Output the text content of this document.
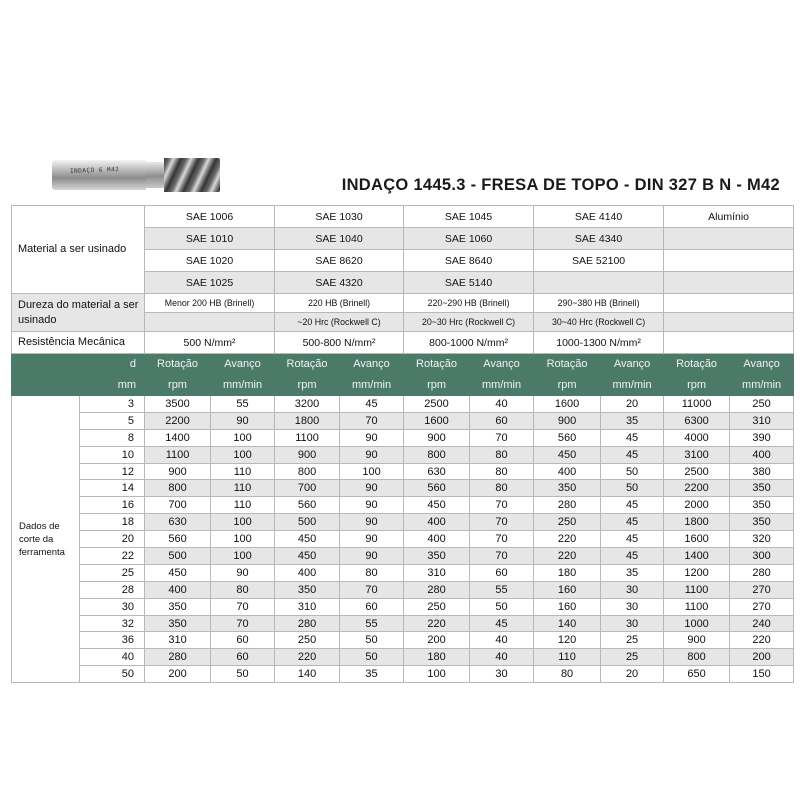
INDAÇO 6 M42
INDAÇO 1445.3 - FRESA DE TOPO - DIN 327 B N - M42
Material a ser usinado		SAE 1006		SAE 1030		SAE 1045		SAE 4140		Alumínio	
		SAE 1010		SAE 1040		SAE 1060		SAE 4340			
		SAE 1020		SAE 8620		SAE 8640		SAE 52100			
		SAE 1025		SAE 4320		SAE 5140					
Dureza do material a ser usinado		Menor 200 HB (Brinell)		220 HB (Brinell)		220~290 HB (Brinell)		290~380 HB (Brinell)			
				~20 Hrc (Rockwell C)		20~30 Hrc (Rockwell C)		30~40 Hrc (Rockwell C)			
Resistência Mecânica		500 N/mm²		500-800 N/mm²		800-1000 N/mm²		1000-1300 N/mm²			
d		Rotação	Avanço	Rotação	Avanço	Rotação	Avanço	Rotação	Avanço	Rotação	Avanço
mm		rpm	mm/min	rpm	mm/min	rpm	mm/min	rpm	mm/min	rpm	mm/min
Dados de corte da ferramenta	3	3500	55	3200	45	2500	40	1600	20	11000	250
	5	2200	90	1800	70	1600	60	900	35	6300	310
	8	1400	100	1100	90	900	70	560	45	4000	390
	10	1100	100	900	90	800	80	450	45	3100	400
	12	900	110	800	100	630	80	400	50	2500	380
	14	800	110	700	90	560	80	350	50	2200	350
	16	700	110	560	90	450	70	280	45	2000	350
	18	630	100	500	90	400	70	250	45	1800	350
	20	560	100	450	90	400	70	220	45	1600	320
	22	500	100	450	90	350	70	220	45	1400	300
	25	450	90	400	80	310	60	180	35	1200	280
	28	400	80	350	70	280	55	160	30	1100	270
	30	350	70	310	60	250	50	160	30	1100	270
	32	350	70	280	55	220	45	140	30	1000	240
	36	310	60	250	50	200	40	120	25	900	220
	40	280	60	220	50	180	40	110	25	800	200
	50	200	50	140	35	100	30	80	20	650	150
